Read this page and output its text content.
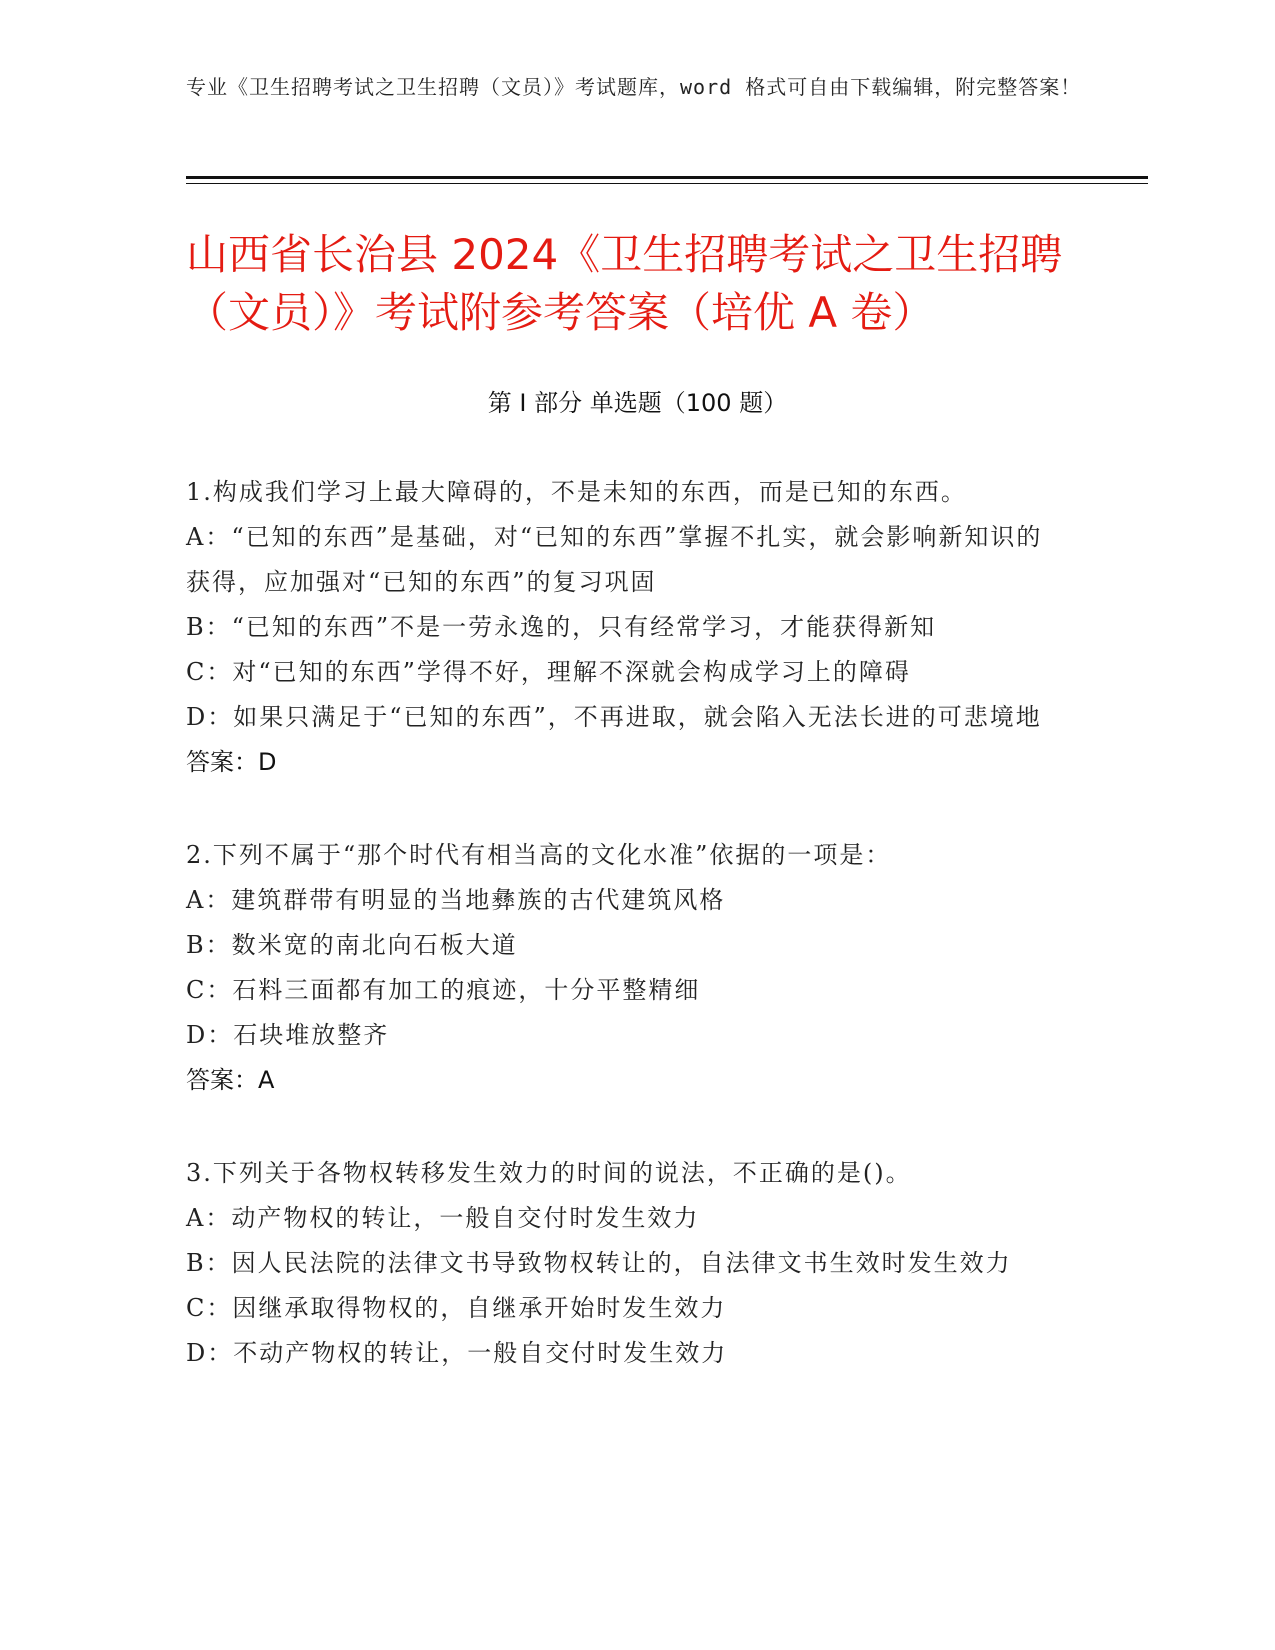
专业《卫生招聘考试之卫生招聘（文员）》考试题库，word 格式可自由下载编辑，附完整答案！
山西省长治县 2024《卫生招聘考试之卫生招聘（文员）》考试附参考答案（培优 A 卷）
第 I 部分 单选题（100 题）

1.构成我们学习上最大障碍的，不是未知的东西，而是已知的东西。

A：“已知的东西”是基础，对“已知的东西”掌握不扎实，就会影响新知识的获得，应加强对“已知的东西”的复习巩固

B：“已知的东西”不是一劳永逸的，只有经常学习，才能获得新知

C：对“已知的东西”学得不好，理解不深就会构成学习上的障碍

D：如果只满足于“已知的东西”，不再进取，就会陷入无法长进的可悲境地

答案：D

2.下列不属于“那个时代有相当高的文化水准”依据的一项是：

A：建筑群带有明显的当地彝族的古代建筑风格

B：数米宽的南北向石板大道

C：石料三面都有加工的痕迹，十分平整精细

D：石块堆放整齐

答案：A

3.下列关于各物权转移发生效力的时间的说法，不正确的是()。

A：动产物权的转让，一般自交付时发生效力

B：因人民法院的法律文书导致物权转让的，自法律文书生效时发生效力

C：因继承取得物权的，自继承开始时发生效力

D：不动产物权的转让，一般自交付时发生效力
